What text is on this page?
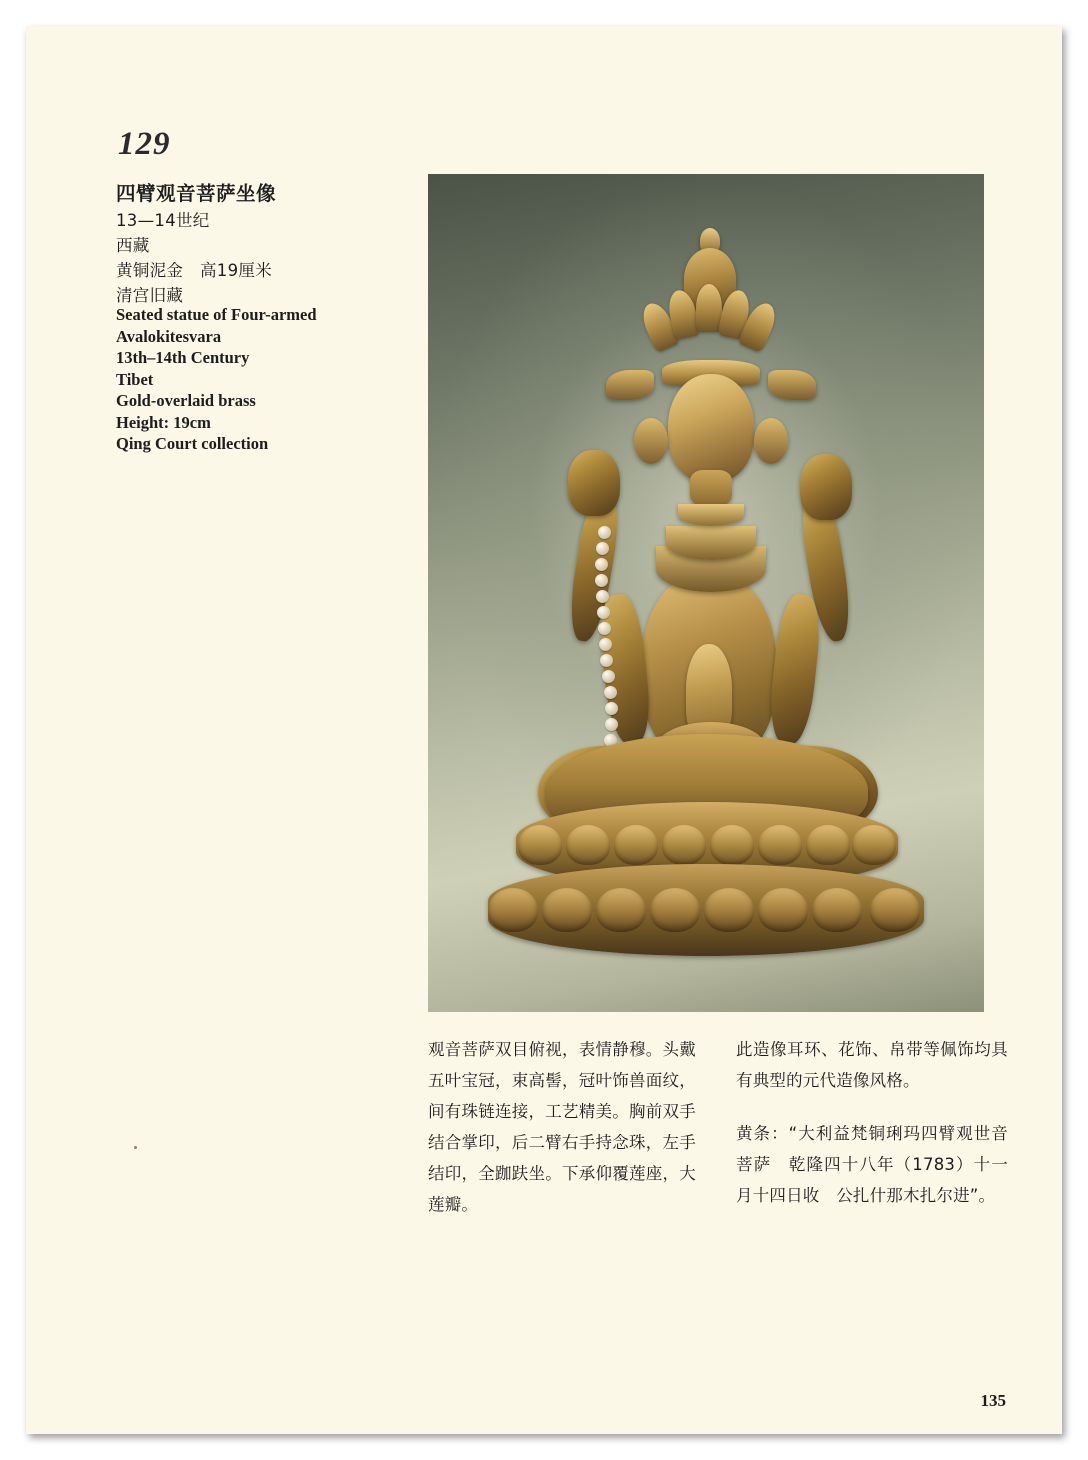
129
四臂观音菩萨坐像
13—14世纪
西藏
黄铜泥金　高19厘米
清宫旧藏
Seated statue of Four-armed
Avalokitesvara
13th–14th Century
Tibet
Gold-overlaid brass
Height: 19cm
Qing Court collection

观音菩萨双目俯视，表情静穆。头戴五叶宝冠，束高髻，冠叶饰兽面纹，间有珠链连接，工艺精美。胸前双手结合掌印，后二臂右手持念珠，左手结印，全跏趺坐。下承仰覆莲座，大莲瓣。

此造像耳环、花饰、帛带等佩饰均具有典型的元代造像风格。

黄条：“大利益梵铜琍玛四臂观世音菩萨　乾隆四十八年（1783）十一月十四日收　公扎什那木扎尔进”。

135
